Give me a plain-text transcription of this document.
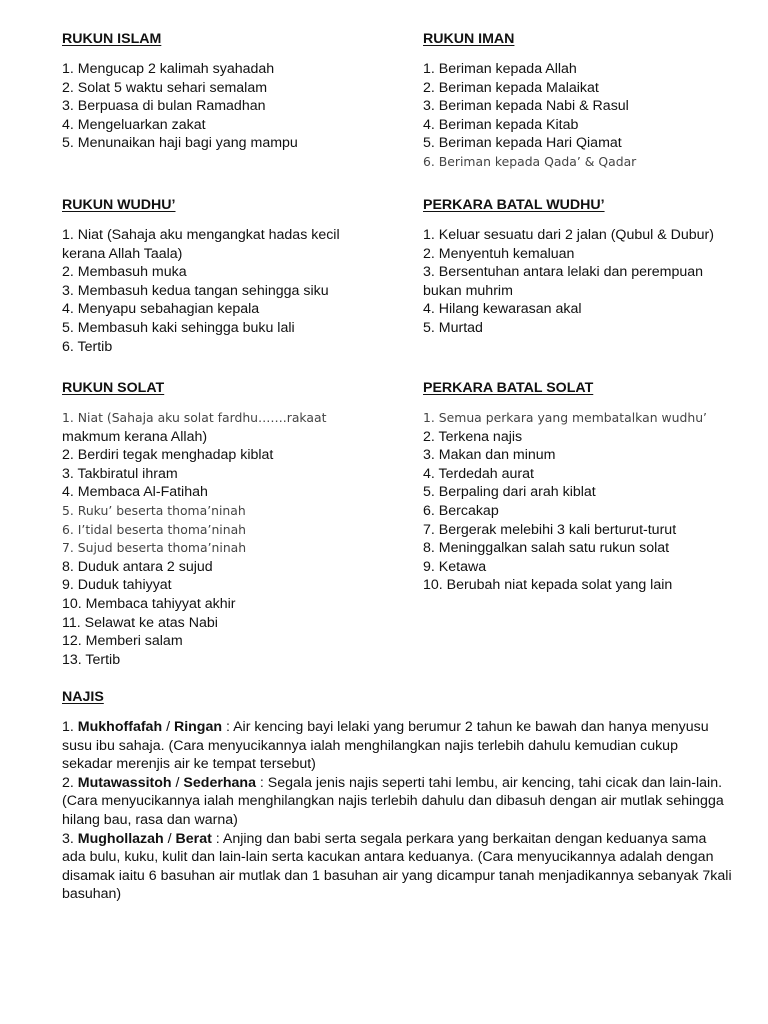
RUKUN ISLAM
1. Mengucap 2 kalimah syahadah
2. Solat 5 waktu sehari semalam
3. Berpuasa di bulan Ramadhan
4. Mengeluarkan zakat
5. Menunaikan haji bagi yang mampu
RUKUN IMAN
1. Beriman kepada Allah
2. Beriman kepada Malaikat
3. Beriman kepada Nabi & Rasul
4. Beriman kepada Kitab
5. Beriman kepada Hari Qiamat
6. Beriman kepada Qada’ & Qadar
RUKUN WUDHU’
1. Niat (Sahaja aku mengangkat hadas kecil kerana Allah Taala)
2. Membasuh muka
3. Membasuh kedua tangan sehingga siku
4. Menyapu sebahagian kepala
5. Membasuh kaki sehingga buku lali
6. Tertib
PERKARA BATAL WUDHU’
1. Keluar sesuatu dari 2 jalan (Qubul & Dubur)
2. Menyentuh kemaluan
3. Bersentuhan antara lelaki dan perempuan bukan muhrim
4. Hilang kewarasan akal
5. Murtad
RUKUN SOLAT
1. Niat (Sahaja aku solat fardhu…….rakaat
makmum kerana Allah)
2. Berdiri tegak menghadap kiblat
3. Takbiratul ihram
4. Membaca Al-Fatihah
5. Ruku’ beserta thoma’ninah
6. I’tidal beserta thoma’ninah
7. Sujud beserta thoma’ninah
8. Duduk antara 2 sujud
9. Duduk tahiyyat
10. Membaca tahiyyat akhir
11. Selawat ke atas Nabi
12. Memberi salam
13. Tertib
PERKARA BATAL SOLAT
1. Semua perkara yang membatalkan wudhu’
2. Terkena najis
3. Makan dan minum
4. Terdedah aurat
5. Berpaling dari arah kiblat
6. Bercakap
7. Bergerak melebihi 3 kali berturut-turut
8. Meninggalkan salah satu rukun solat
9. Ketawa
10. Berubah niat kepada solat yang lain
NAJIS
1. Mukhoffafah / Ringan : Air kencing bayi lelaki yang berumur 2 tahun ke bawah dan hanya menyusu susu ibu sahaja. (Cara menyucikannya ialah menghilangkan najis terlebih dahulu kemudian cukup sekadar merenjis air ke tempat tersebut)
2. Mutawassitoh / Sederhana : Segala jenis najis seperti tahi lembu, air kencing, tahi cicak dan lain-lain. (Cara menyucikannya ialah menghilangkan najis terlebih dahulu dan dibasuh dengan air mutlak sehingga hilang bau, rasa dan warna)
3. Mughollazah / Berat : Anjing dan babi serta segala perkara yang berkaitan dengan keduanya sama ada bulu, kuku, kulit dan lain-lain serta kacukan antara keduanya. (Cara menyucikannya adalah dengan disamak iaitu 6 basuhan air mutlak dan 1 basuhan air yang dicampur tanah menjadikannya sebanyak 7kali basuhan)
